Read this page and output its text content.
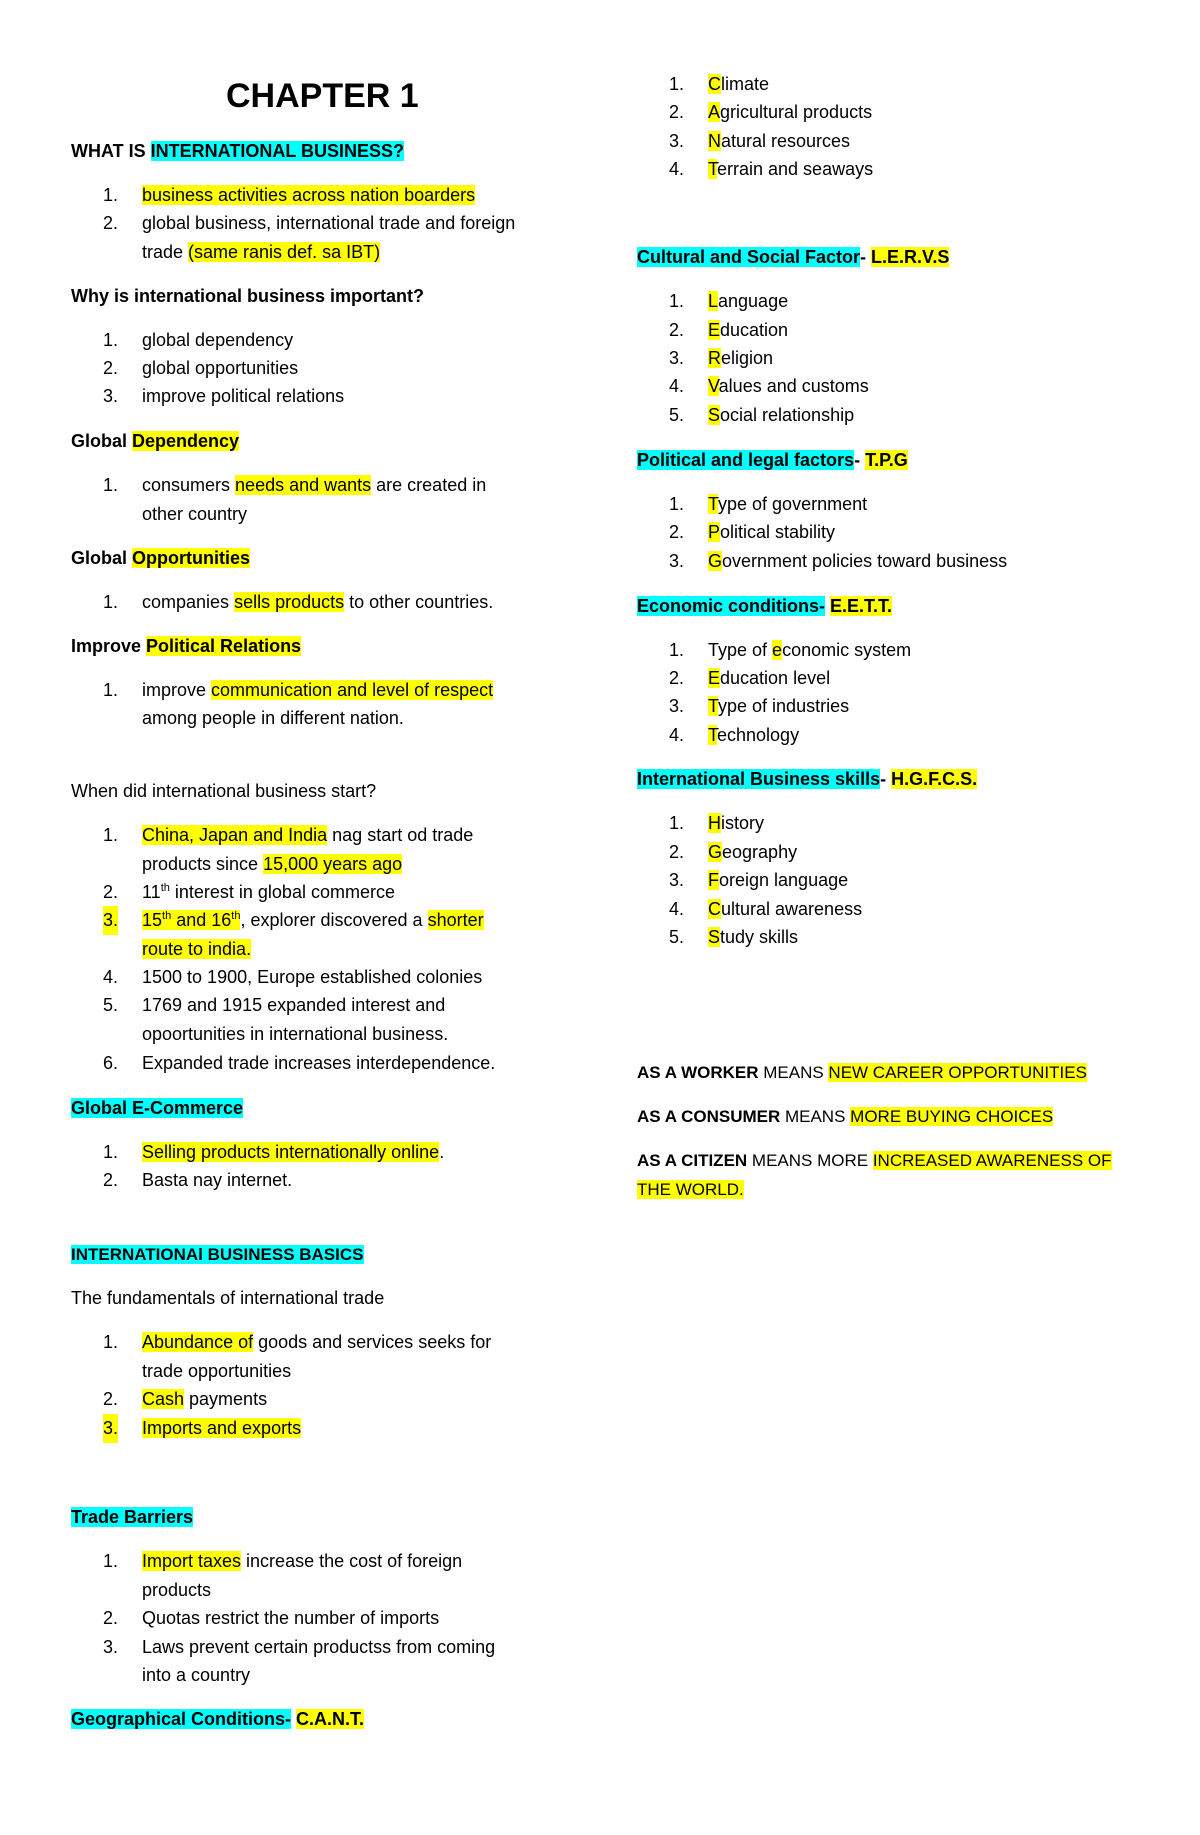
CHAPTER 1
WHAT IS INTERNATIONAL BUSINESS?
1. business activities across nation boarders
2. global business, international trade and foreign
trade (same ranis def. sa IBT)
Why is international business important?
1. global dependency
2. global opportunities
3. improve political relations
Global Dependency
1. consumers needs and wants are created in
other country
Global Opportunities
1. companies sells products to other countries.
Improve Political Relations
1. improve communication and level of respect
among people in different nation.
When did international business start?
1. China, Japan and India nag start od trade
products since 15,000 years ago
2. 11th interest in global commerce
3. 15th and 16th, explorer discovered a shorter
route to india.
4. 1500 to 1900, Europe established colonies
5. 1769 and 1915 expanded interest and
opoortunities in international business.
6. Expanded trade increases interdependence.
Global E-Commerce
1. Selling products internationally online.
2. Basta nay internet.
INTERNATIONAl BUSINESS BASICS
The fundamentals of international trade
1. Abundance of goods and services seeks for
trade opportunities
2. Cash payments
3. Imports and exports
Trade Barriers
1. Import taxes increase the cost of foreign
products
2. Quotas restrict the number of imports
3. Laws prevent certain productss from coming
into a country
Geographical Conditions- C.A.N.T.
1. Climate
2. Agricultural products
3. Natural resources
4. Terrain and seaways
Cultural and Social Factor- L.E.R.V.S
1. Language
2. Education
3. Religion
4. Values and customs
5. Social relationship
Political and legal factors- T.P.G
1. Type of government
2. Political stability
3. Government policies toward business
Economic conditions- E.E.T.T.
1. Type of economic system
2. Education level
3. Type of industries
4. Technology
International Business skills- H.G.F.C.S.
1. History
2. Geography
3. Foreign language
4. Cultural awareness
5. Study skills
AS A WORKER MEANS NEW CAREER OPPORTUNITIES
AS A CONSUMER MEANS MORE BUYING CHOICES
AS A CITIZEN MEANS MORE INCREASED AWARENESS OF
THE WORLD.
